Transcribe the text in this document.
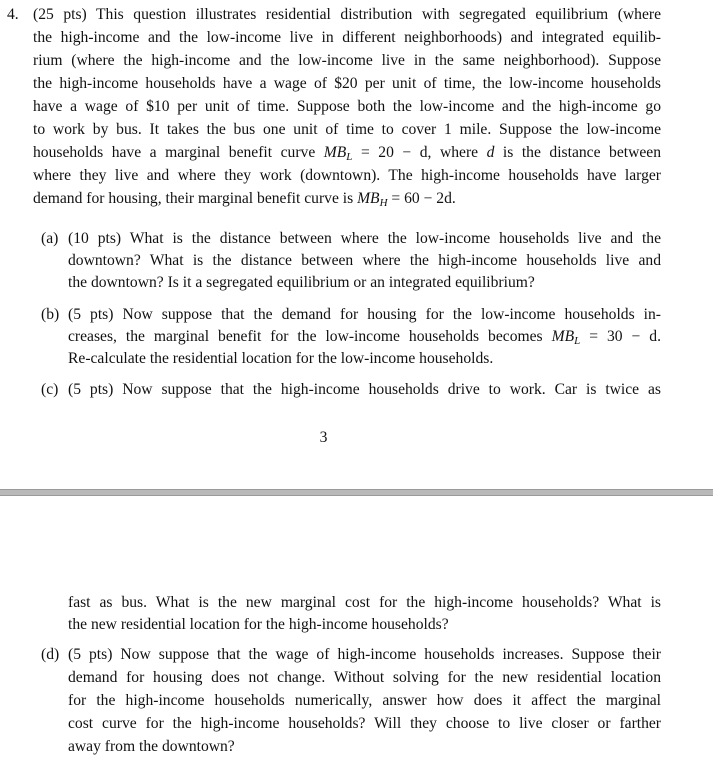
4. (25 pts) This question illustrates residential distribution with segregated equilibrium (where
the high-income and the low-income live in different neighborhoods) and integrated equilib-
rium (where the high-income and the low-income live in the same neighborhood). Suppose
the high-income households have a wage of $20 per unit of time, the low-income households
have a wage of $10 per unit of time. Suppose both the low-income and the high-income go
to work by bus. It takes the bus one unit of time to cover 1 mile. Suppose the low-income
households have a marginal benefit curve $MB_L = 20 - d$, where d is the distance between
where they live and where they work (downtown). The high-income households have larger
demand for housing, their marginal benefit curve is $MB_H = 60 - 2d$.
(a) (10 pts) What is the distance between where the low-income households live and the
downtown? What is the distance between where the high-income households live and
the downtown? Is it a segregated equilibrium or an integrated equilibrium?
(b) (5 pts) Now suppose that the demand for housing for the low-income households in-
creases, the marginal benefit for the low-income households becomes $MB_L = 30 - d$.
Re-calculate the residential location for the low-income households.
(c) (5 pts) Now suppose that the high-income households drive to work. Car is twice as
3
fast as bus. What is the new marginal cost for the high-income households? What is
the new residential location for the high-income households?
(d) (5 pts) Now suppose that the wage of high-income households increases. Suppose their
demand for housing does not change. Without solving for the new residential location
for the high-income households numerically, answer how does it affect the marginal
cost curve for the high-income households? Will they choose to live closer or farther
away from the downtown?
